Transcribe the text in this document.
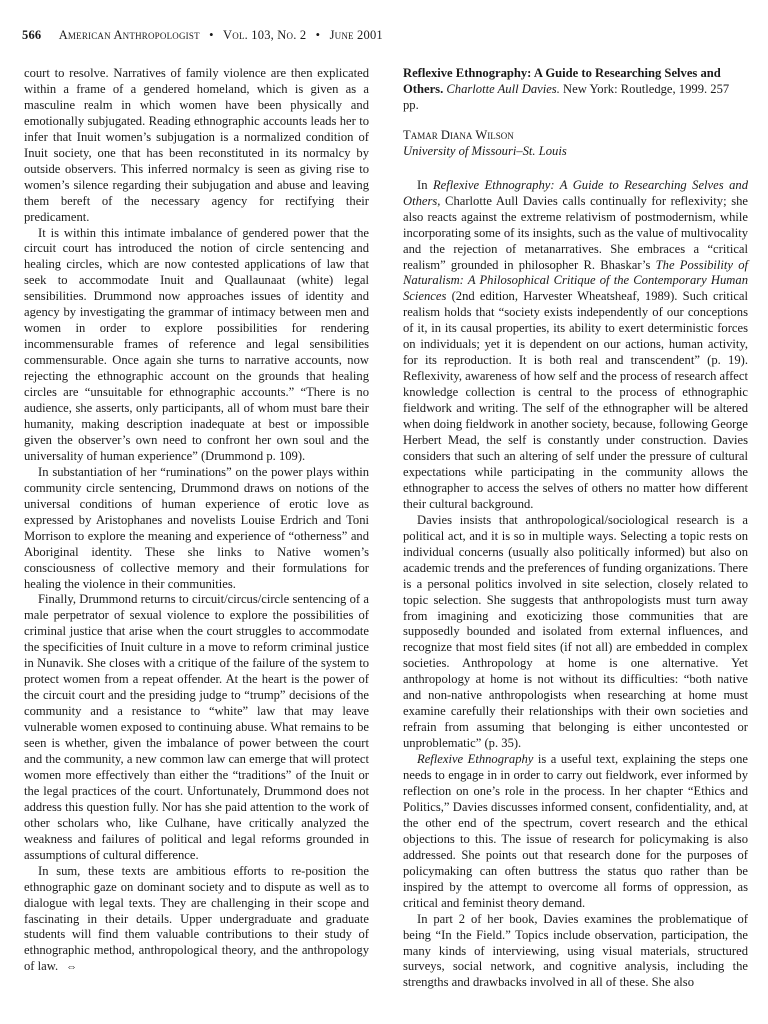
566 American Anthropologist • Vol. 103, No. 2 • June 2001

court to resolve. Narratives of family violence are then explicated within a frame of a gendered homeland, which is given as a masculine realm in which women have been physically and emotionally subjugated. Reading ethnographic accounts leads her to infer that Inuit women’s subjugation is a normalized condition of Inuit society, one that has been reconstituted in its normalcy by outside observers. This inferred normalcy is seen as giving rise to women’s silence regarding their subjugation and abuse and leaving them bereft of the necessary agency for rectifying their predicament.

It is within this intimate imbalance of gendered power that the circuit court has introduced the notion of circle sentencing and healing circles, which are now contested applications of law that seek to accommodate Inuit and Quallaunaat (white) legal sensibilities. Drummond now approaches issues of identity and agency by investigating the grammar of intimacy between men and women in order to explore possibilities for rendering incommensurable frames of reference and legal sensibilities commensurable. Once again she turns to narrative accounts, now rejecting the ethnographic account on the grounds that healing circles are “unsuitable for ethnographic accounts.” “There is no audience, she asserts, only participants, all of whom must bare their humanity, making description inadequate at best or impossible given the observer’s own need to confront her own soul and the universality of human experience” (Drummond p. 109).

In substantiation of her “ruminations” on the power plays within community circle sentencing, Drummond draws on notions of the universal conditions of human experience of erotic love as expressed by Aristophanes and novelists Louise Erdrich and Toni Morrison to explore the meaning and experience of “otherness” and Aboriginal identity. These she links to Native women’s consciousness of collective memory and their formulations for healing the violence in their communities.

Finally, Drummond returns to circuit/circus/circle sentencing of a male perpetrator of sexual violence to explore the possibilities of criminal justice that arise when the court struggles to accommodate the specificities of Inuit culture in a move to reform criminal justice in Nunavik. She closes with a critique of the failure of the system to protect women from a repeat offender. At the heart is the power of the circuit court and the presiding judge to “trump” decisions of the community and a resistance to “white” law that may leave vulnerable women exposed to continuing abuse. What remains to be seen is whether, given the imbalance of power between the court and the community, a new common law can emerge that will protect women more effectively than either the “traditions” of the Inuit or the legal practices of the court. Unfortunately, Drummond does not address this question fully. Nor has she paid attention to the work of other scholars who, like Culhane, have critically analyzed the weakness and failures of political and legal reforms grounded in assumptions of cultural difference.

In sum, these texts are ambitious efforts to re-position the ethnographic gaze on dominant society and to dispute as well as to dialogue with legal texts. They are challenging in their scope and fascinating in their details. Upper undergraduate and graduate students will find them valuable contributions to their study of ethnographic method, anthropological theory, and the anthropology of law. ⇔

Reflexive Ethnography: A Guide to Researching Selves and Others. Charlotte Aull Davies. New York: Routledge, 1999. 257 pp.

Tamar Diana Wilson

University of Missouri–St. Louis

In Reflexive Ethnography: A Guide to Researching Selves and Others, Charlotte Aull Davies calls continually for reflexivity; she also reacts against the extreme relativism of postmodernism, while incorporating some of its insights, such as the value of multivocality and the rejection of metanarratives. She embraces a “critical realism” grounded in philosopher R. Bhaskar’s The Possibility of Naturalism: A Philosophical Critique of the Contemporary Human Sciences (2nd edition, Harvester Wheatsheaf, 1989). Such critical realism holds that “society exists independently of our conceptions of it, in its causal properties, its ability to exert deterministic forces on individuals; yet it is dependent on our actions, human activity, for its reproduction. It is both real and transcendent” (p. 19). Reflexivity, awareness of how self and the process of research affect knowledge collection is central to the process of ethnographic fieldwork and writing. The self of the ethnographer will be altered when doing fieldwork in another society, because, following George Herbert Mead, the self is constantly under construction. Davies considers that such an altering of self under the pressure of cultural expectations while participating in the community allows the ethnographer to access the selves of others no matter how different their cultural background.

Davies insists that anthropological/sociological research is a political act, and it is so in multiple ways. Selecting a topic rests on individual concerns (usually also politically informed) but also on academic trends and the preferences of funding organizations. There is a personal politics involved in site selection, closely related to topic selection. She suggests that anthropologists must turn away from imagining and exoticizing those communities that are supposedly bounded and isolated from external influences, and recognize that most field sites (if not all) are embedded in complex societies. Anthropology at home is one alternative. Yet anthropology at home is not without its difficulties: “both native and non-native anthropologists when researching at home must examine carefully their relationships with their own societies and refrain from assuming that belonging is either uncontested or unproblematic” (p. 35).

Reflexive Ethnography is a useful text, explaining the steps one needs to engage in in order to carry out fieldwork, ever informed by reflection on one’s role in the process. In her chapter “Ethics and Politics,” Davies discusses informed consent, confidentiality, and, at the other end of the spectrum, covert research and the ethical objections to this. The issue of research for policymaking is also addressed. She points out that research done for the purposes of policymaking can often buttress the status quo rather than be inspired by the attempt to overcome all forms of oppression, as critical and feminist theory demand.

In part 2 of her book, Davies examines the problematique of being “In the Field.” Topics include observation, participation, the many kinds of interviewing, using visual materials, structured surveys, social network, and cognitive analysis, including the strengths and drawbacks involved in all of these. She also
